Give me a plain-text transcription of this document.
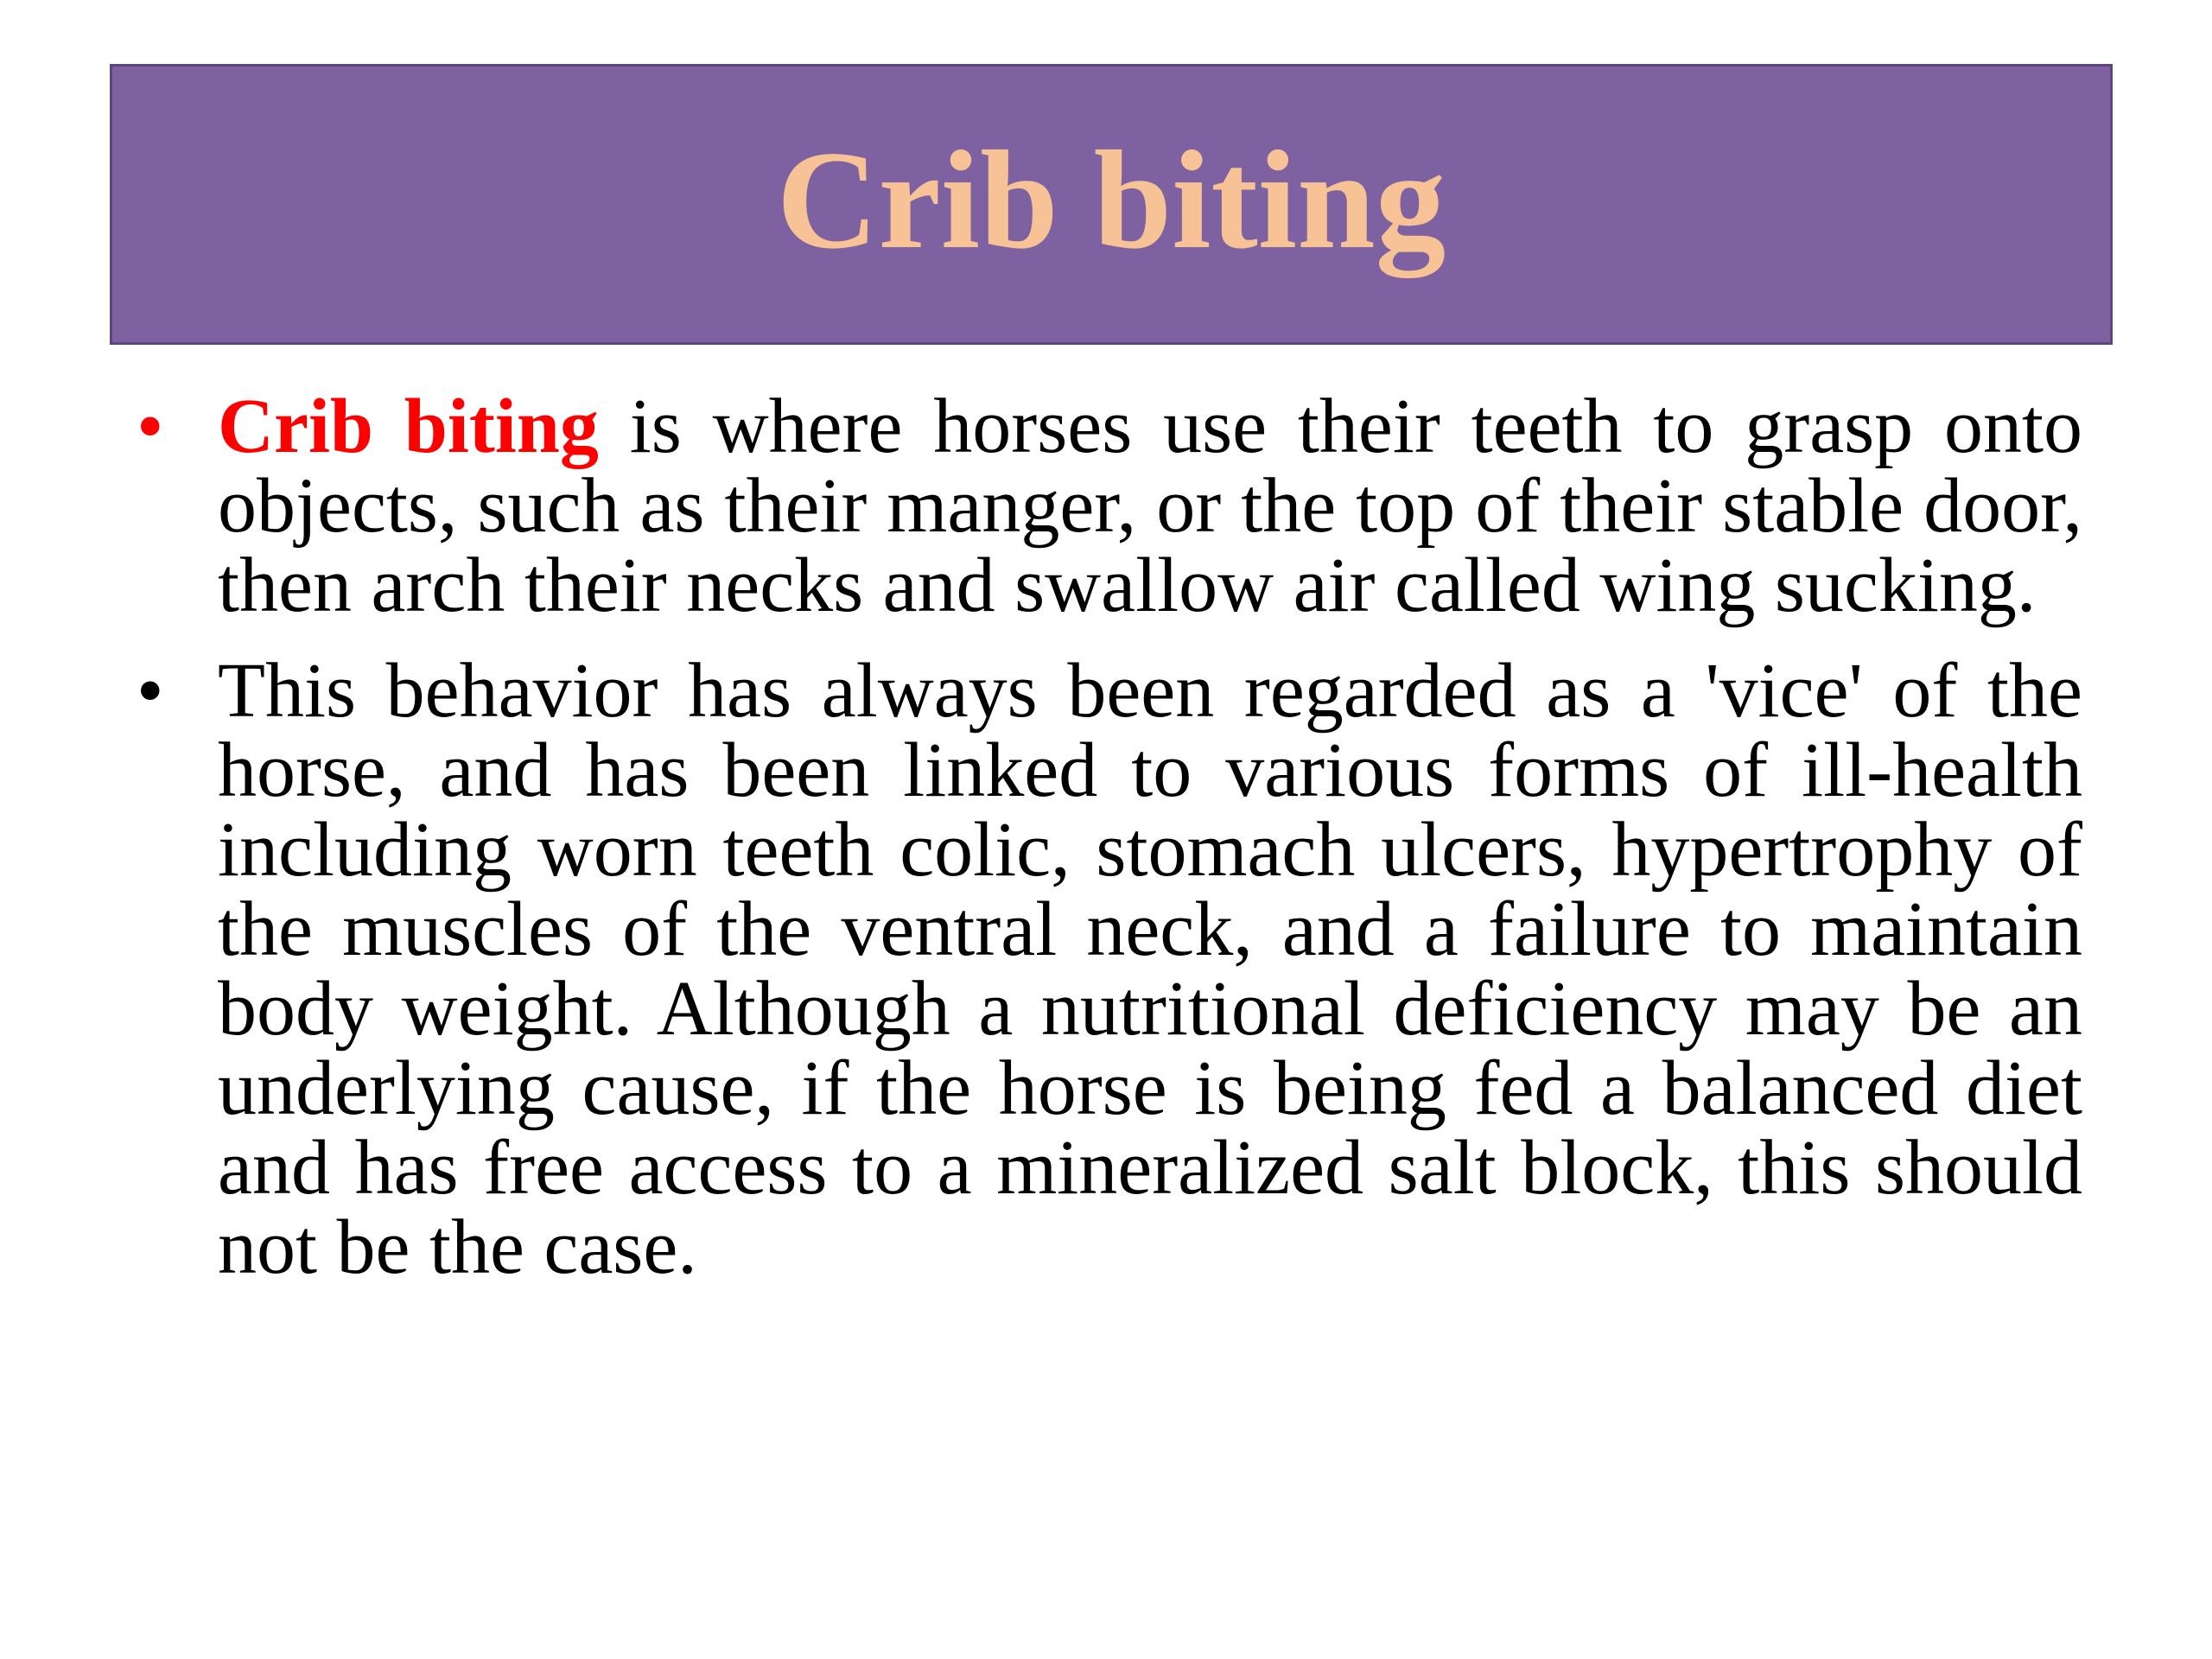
Crib biting
• Crib biting is where horses use their teeth to grasp onto objects, such as their manger, or the top of their stable door, then arch their necks and swallow air called wing sucking.
• This behavior has always been regarded as a 'vice' of the horse, and has been linked to various forms of ill-health including worn teeth colic, stomach ulcers, hypertrophy of the muscles of the ventral neck, and a failure to maintain body weight. Although a nutritional deficiency may be an underlying cause, if the horse is being fed a balanced diet and has free access to a mineralized salt block, this should not be the case.
